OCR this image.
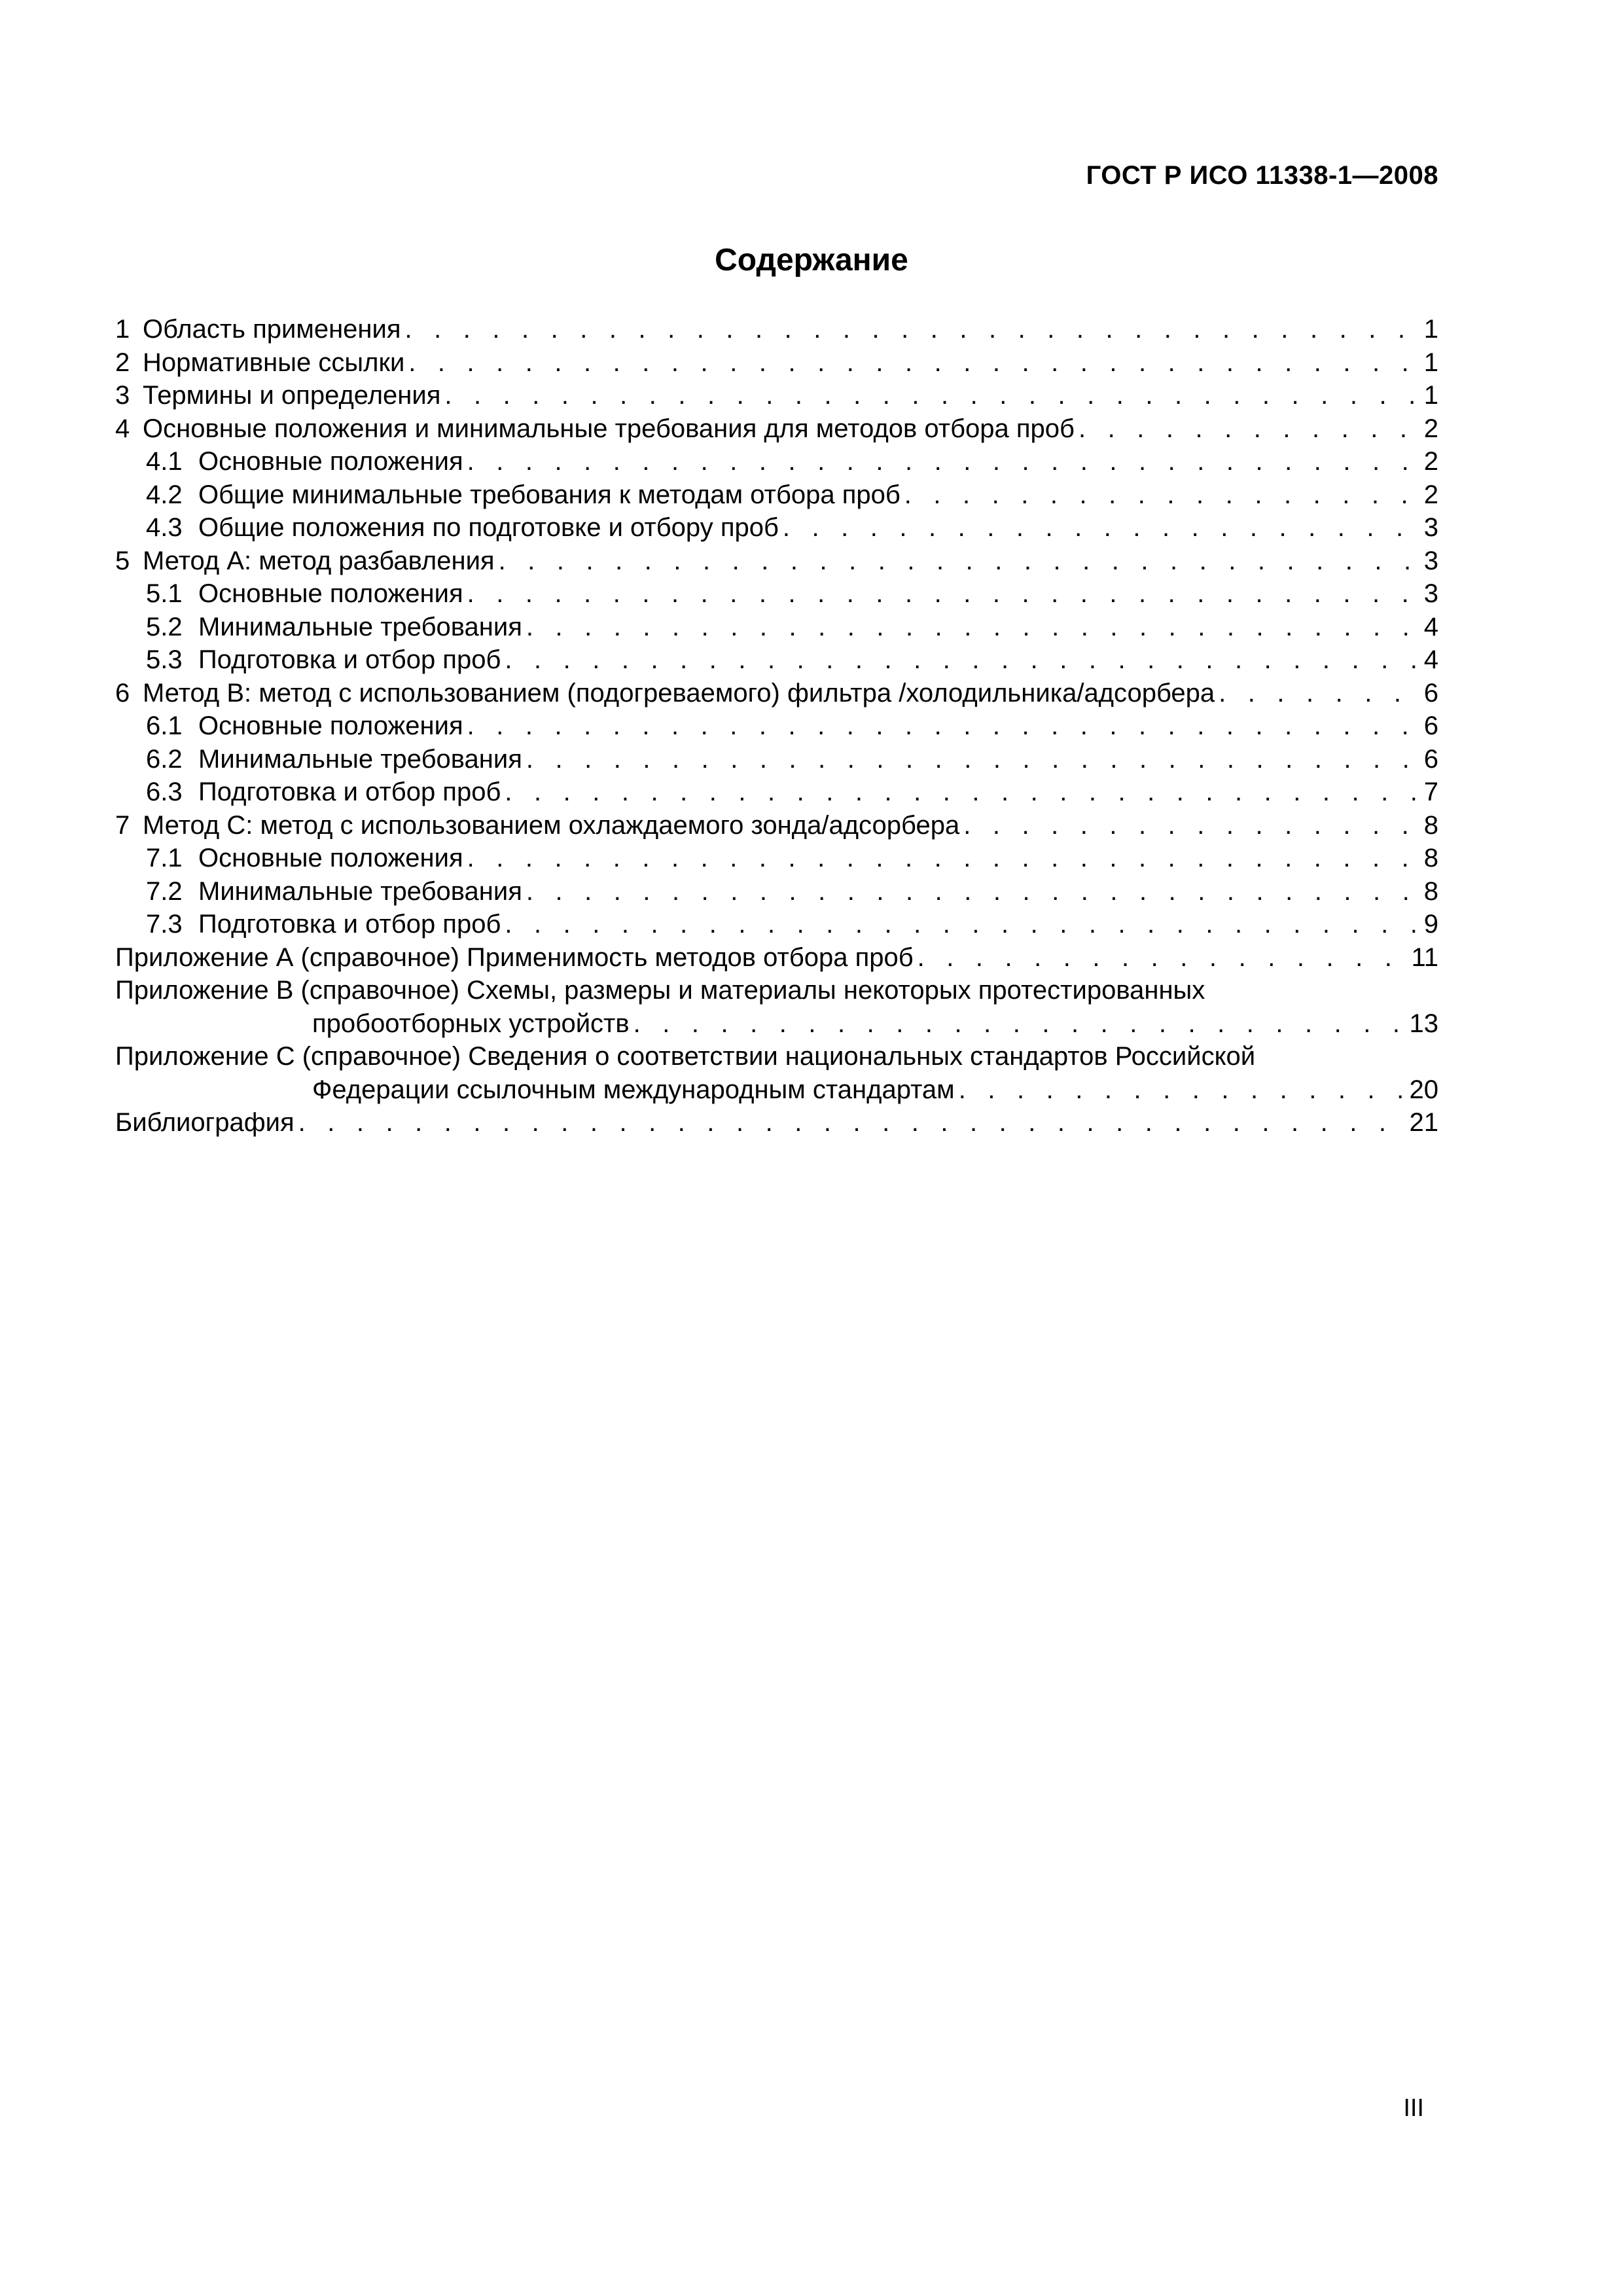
ГОСТ Р ИСО 11338-1—2008
Содержание
1 Область применения . . .	1
2 Нормативные ссылки . . .	1
3 Термины и определения . . .	1
4 Основные положения и минимальные требования для методов отбора проб . . .	2
4.1 Основные положения . . .	2
4.2 Общие минимальные требования к методам отбора проб . . .	2
4.3 Общие положения по подготовке и отбору проб . . .	3
5 Метод А: метод разбавления . . .	3
5.1 Основные положения . . .	3
5.2 Минимальные требования . . .	4
5.3 Подготовка и отбор проб . . .	4
6 Метод В: метод с использованием (подогреваемого) фильтра /холодильника/адсорбера . . .	6
6.1 Основные положения . . .	6
6.2 Минимальные требования . . .	6
6.3 Подготовка и отбор проб . . .	7
7 Метод С: метод с использованием охлаждаемого зонда/адсорбера . . .	8
7.1 Основные положения . . .	8
7.2 Минимальные требования . . .	8
7.3 Подготовка и отбор проб . . .	9
Приложение А (справочное) Применимость методов отбора проб . . .	11
Приложение В (справочное) Схемы, размеры и материалы некоторых протестированных
пробоотборных устройств . . .	13
Приложение С (справочное) Сведения о соответствии национальных стандартов Российской
Федерации ссылочным международным стандартам . . .	20
Библиография . . .	21
III
